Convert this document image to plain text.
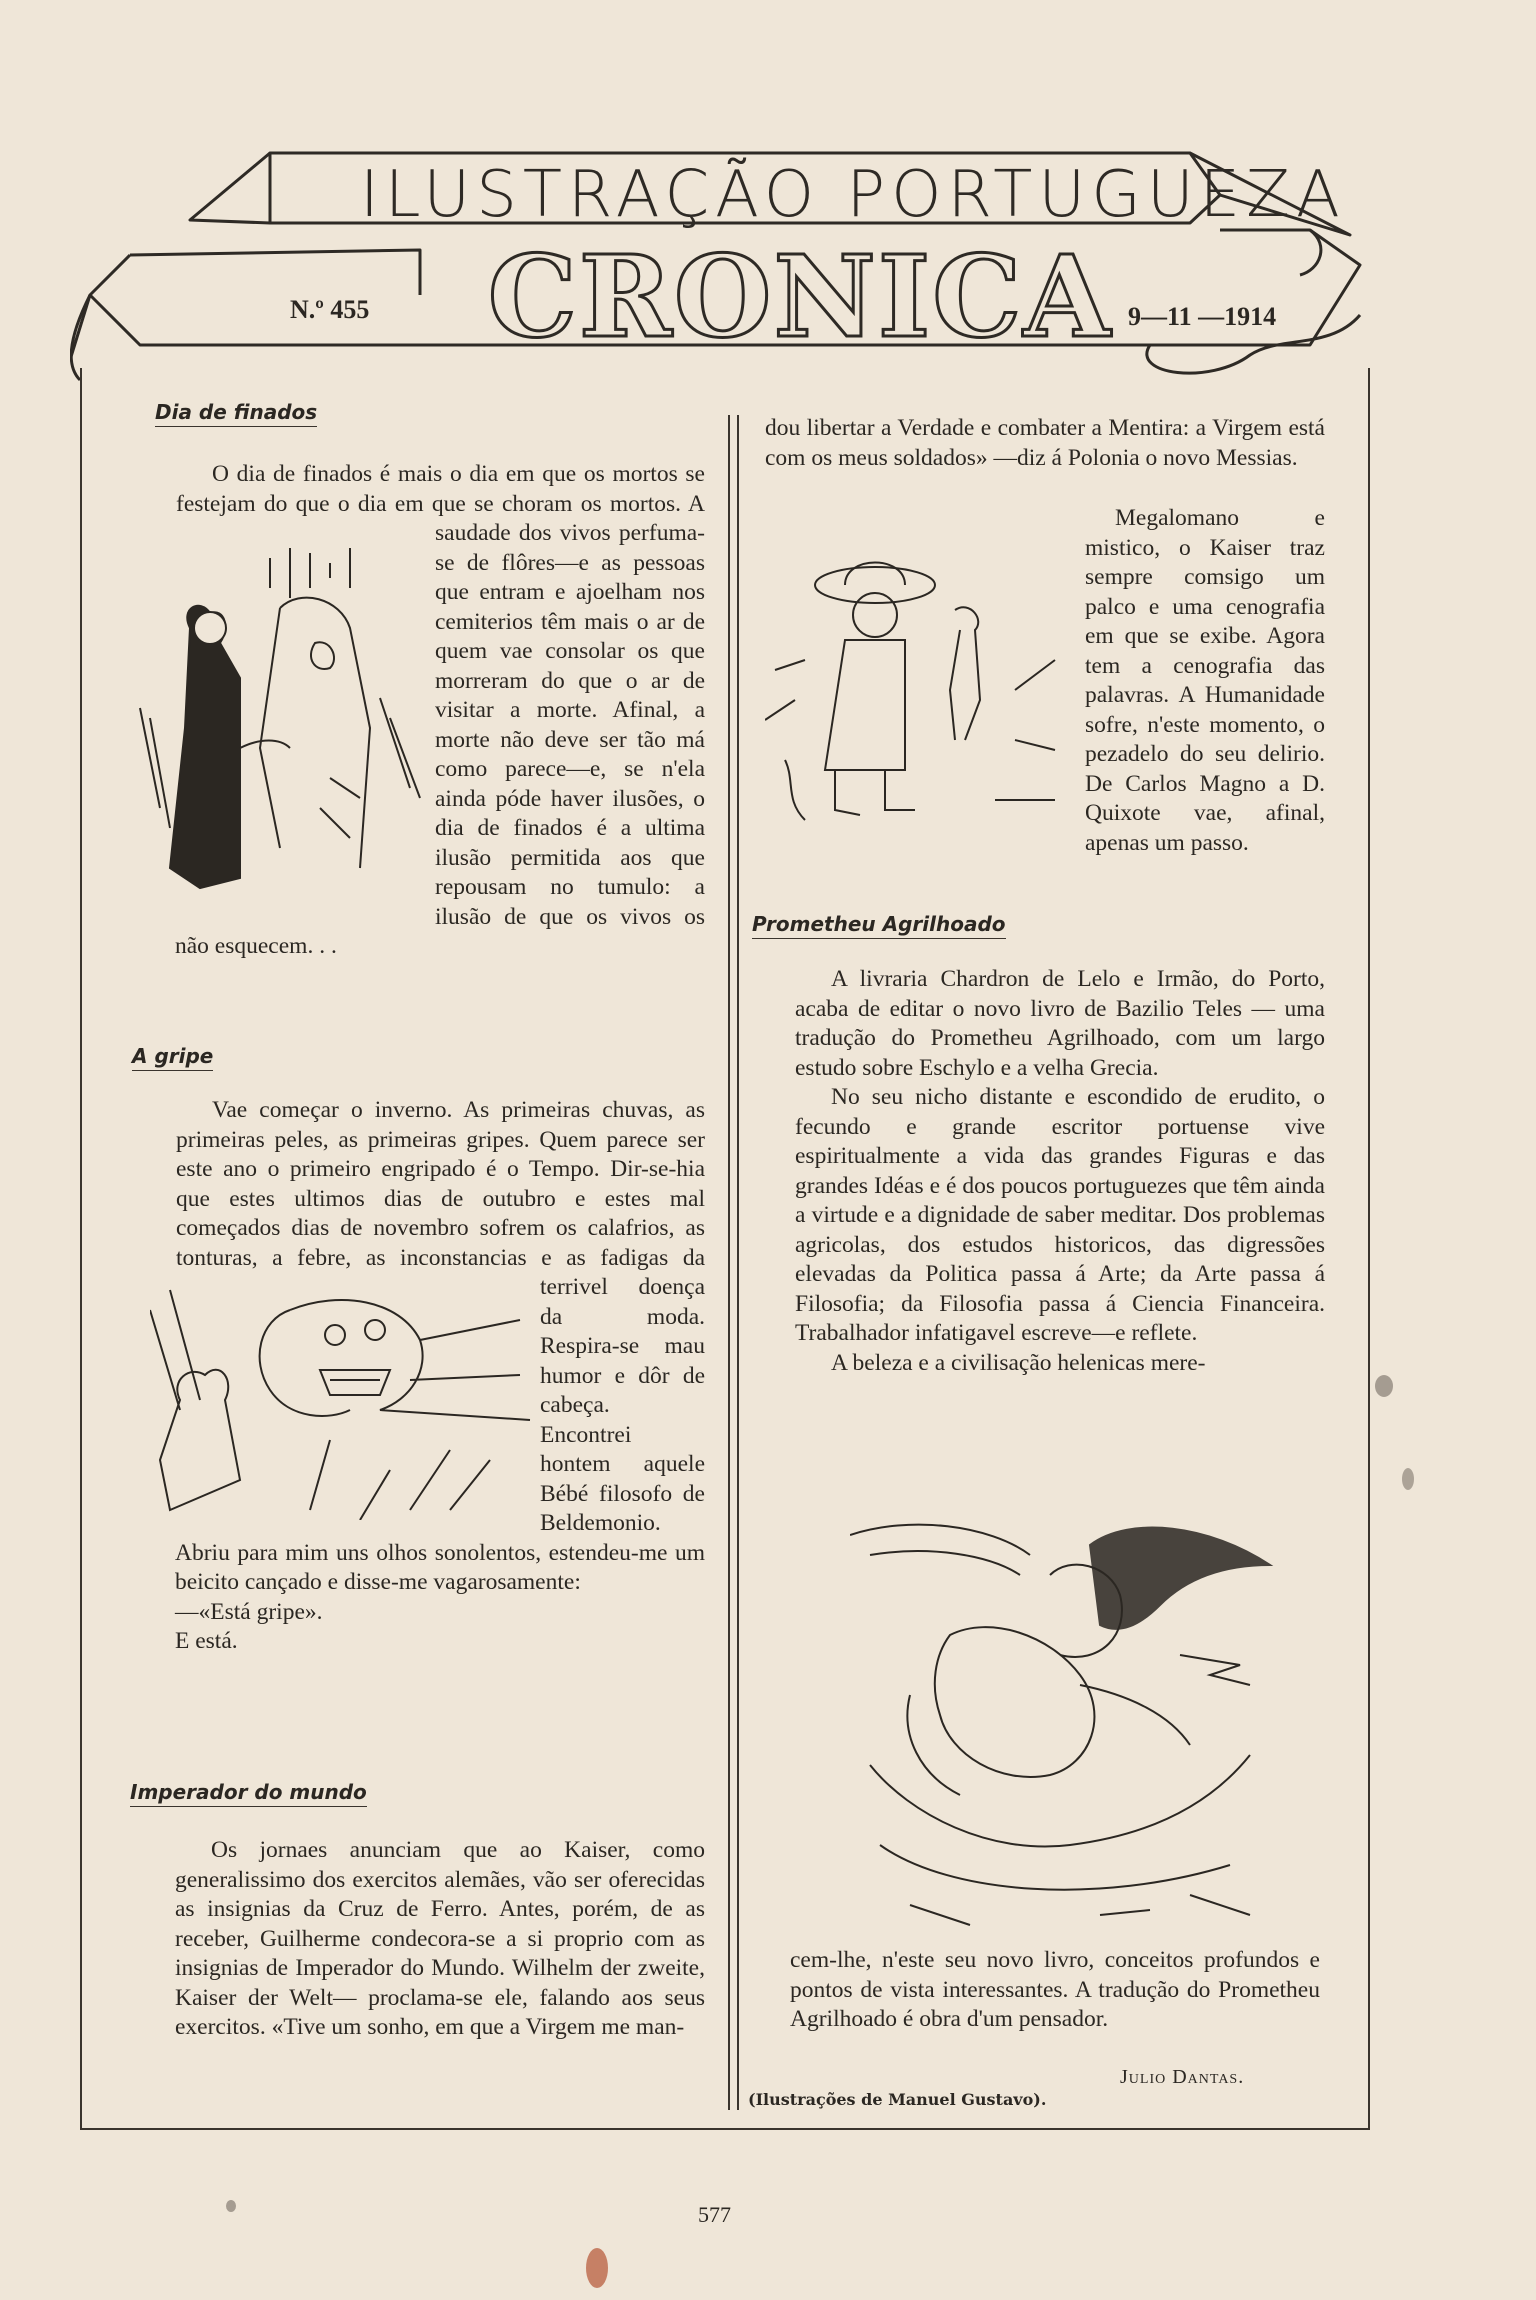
ILUSTRAÇÃO PORTUGUEZA
CRONICA
N.º 455	9—11 —1914
Dia de finados

O dia de finados é mais o dia em que os mortos se festejam do que o dia em que se choram os mortos. A saudade dos vivos perfuma-se de flôres—e as pessoas que entram e ajoelham nos cemiterios têm mais o ar de quem vae consolar os que morreram do que o ar de visitar a morte. Afinal, a morte não deve ser tão má como parece—e, se n'ela ainda póde haver ilusões, o dia de finados é a ultima ilusão permitida aos que repousam no tumulo: a ilusão de que os vivos os não esquecem. . .

A gripe

Vae começar o inverno. As primeiras chuvas, as primeiras peles, as primeiras gripes. Quem parece ser este ano o primeiro engripado é o Tempo. Dir-se-hia que estes ultimos dias de outubro e estes mal começados dias de novembro sofrem os calafrios, as tonturas, a febre, as inconstancias e as fadigas da terrivel doença da moda. Respira-se mau humor e dôr de cabeça. Encontrei hontem aquele Bébé filosofo de Beldemonio. Abriu para mim uns olhos sonolentos, estendeu-me um beicito cançado e disse-me vagarosamente:

—«Está gripe».

E está.

Imperador do mundo

Os jornaes anunciam que ao Kaiser, como generalissimo dos exercitos alemães, vão ser oferecidas as insignias da Cruz de Ferro. Antes, porém, de as receber, Guilherme condecora-se a si proprio com as insignias de Imperador do Mundo. Wilhelm der zweite, Kaiser der Welt— proclama-se ele, falando aos seus exercitos. «Tive um sonho, em que a Virgem me man-

dou libertar a Verdade e combater a Mentira: a Virgem está com os meus soldados» —diz á Polonia o novo Messias.

Megalomano e mistico, o Kaiser traz sempre comsigo um palco e uma cenografia em que se exibe. Agora tem a cenografia das palavras. A Humanidade sofre, n'este momento, o pezadelo do seu delirio. De Carlos Magno a D. Quixote vae, afinal, apenas um passo.

Prometheu Agrilhoado

A livraria Chardron de Lelo e Irmão, do Porto, acaba de editar o novo livro de Bazilio Teles — uma tradução do Prometheu Agrilhoado, com um largo estudo sobre Eschylo e a velha Grecia.

No seu nicho distante e escondido de erudito, o fecundo e grande escritor portuense vive espiritualmente a vida das grandes Figuras e das grandes Idéas e é dos poucos portuguezes que têm ainda a virtude e a dignidade de saber meditar. Dos problemas agricolas, dos estudos historicos, das digressões elevadas da Politica passa á Arte; da Arte passa á Filosofia; da Filosofia passa á Ciencia Financeira. Trabalhador infatigavel escreve—e reflete.

A beleza e a civilisação helenicas mere-

cem-lhe, n'este seu novo livro, conceitos profundos e pontos de vista interessantes. A tradução do Prometheu Agrilhoado é obra d'um pensador.

Julio Dantas.
(Ilustrações de Manuel Gustavo).
577
